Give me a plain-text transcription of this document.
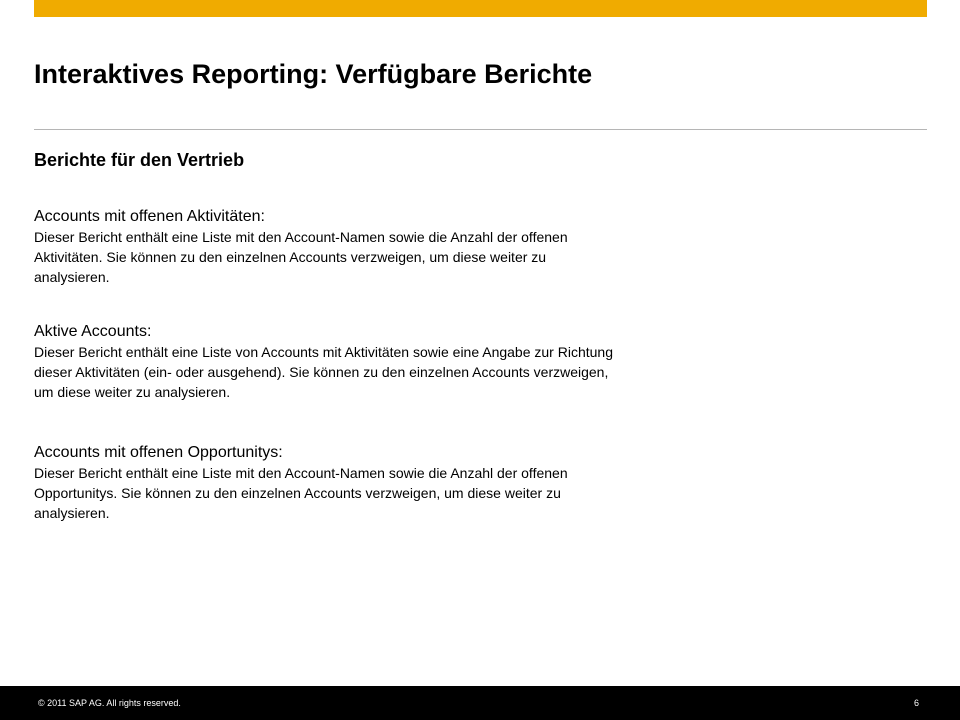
Interaktives Reporting: Verfügbare Berichte
Berichte für den Vertrieb
Accounts mit offenen Aktivitäten:

Dieser Bericht enthält eine Liste mit den Account-Namen sowie die Anzahl der offenen
Aktivitäten. Sie können zu den einzelnen Accounts verzweigen, um diese weiter zu
analysieren.

Aktive Accounts:

Dieser Bericht enthält eine Liste von Accounts mit Aktivitäten sowie eine Angabe zur Richtung
dieser Aktivitäten (ein- oder ausgehend). Sie können zu den einzelnen Accounts verzweigen,
um diese weiter zu analysieren.

Accounts mit offenen Opportunitys:

Dieser Bericht enthält eine Liste mit den Account-Namen sowie die Anzahl der offenen
Opportunitys. Sie können zu den einzelnen Accounts verzweigen, um diese weiter zu
analysieren.

© 2011 SAP AG. All rights reserved.	6
